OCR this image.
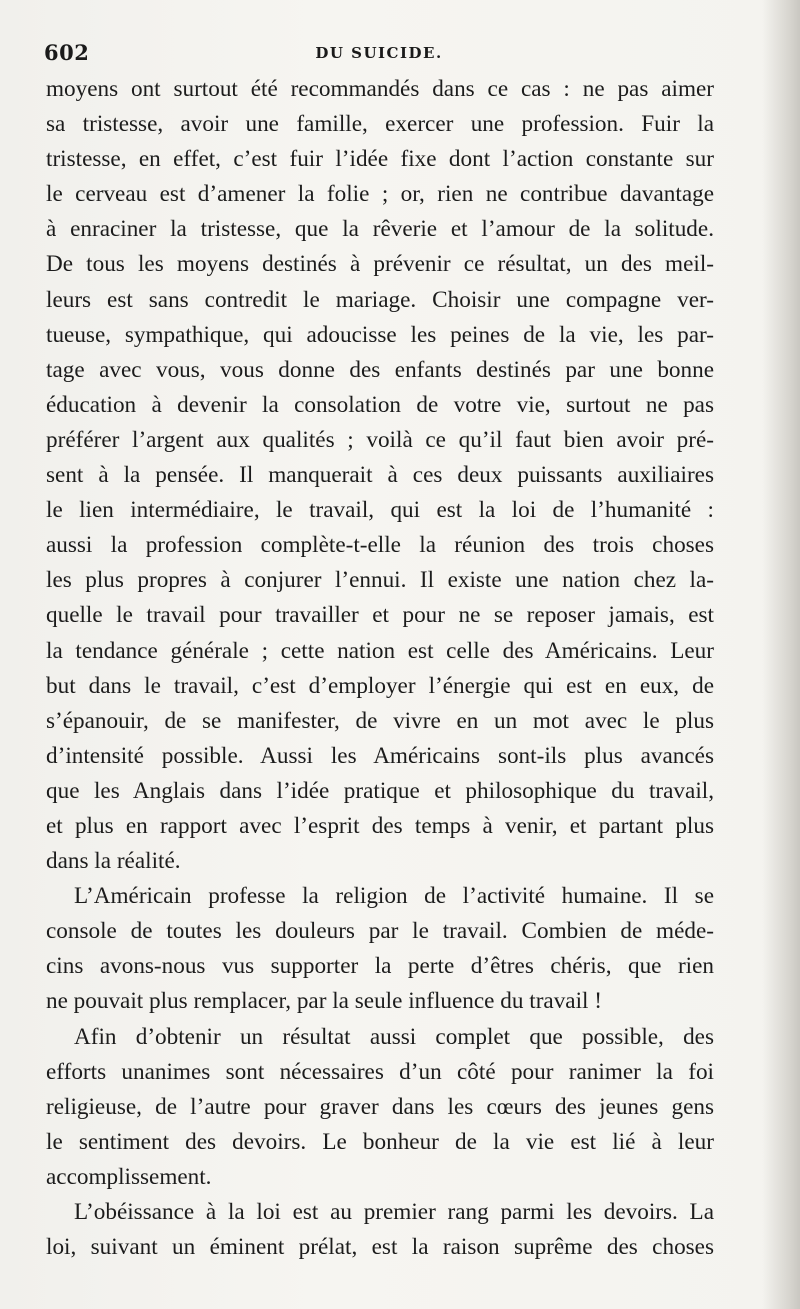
602	DU SUICIDE.
moyens ont surtout été recommandés dans ce cas : ne pas aimer
sa tristesse, avoir une famille, exercer une profession. Fuir la
tristesse, en effet, c’est fuir l’idée fixe dont l’action constante sur
le cerveau est d’amener la folie ; or, rien ne contribue davantage
à enraciner la tristesse, que la rêverie et l’amour de la solitude.
De tous les moyens destinés à prévenir ce résultat, un des meil-
leurs est sans contredit le mariage. Choisir une compagne ver-
tueuse, sympathique, qui adoucisse les peines de la vie, les par-
tage avec vous, vous donne des enfants destinés par une bonne
éducation à devenir la consolation de votre vie, surtout ne pas
préférer l’argent aux qualités ; voilà ce qu’il faut bien avoir pré-
sent à la pensée. Il manquerait à ces deux puissants auxiliaires
le lien intermédiaire, le travail, qui est la loi de l’humanité :
aussi la profession complète-t-elle la réunion des trois choses
les plus propres à conjurer l’ennui. Il existe une nation chez la-
quelle le travail pour travailler et pour ne se reposer jamais, est
la tendance générale ; cette nation est celle des Américains. Leur
but dans le travail, c’est d’employer l’énergie qui est en eux, de
s’épanouir, de se manifester, de vivre en un mot avec le plus
d’intensité possible. Aussi les Américains sont-ils plus avancés
que les Anglais dans l’idée pratique et philosophique du travail,
et plus en rapport avec l’esprit des temps à venir, et partant plus
dans la réalité.
L’Américain professe la religion de l’activité humaine. Il se
console de toutes les douleurs par le travail. Combien de méde-
cins avons-nous vus supporter la perte d’êtres chéris, que rien
ne pouvait plus remplacer, par la seule influence du travail !
Afin d’obtenir un résultat aussi complet que possible, des
efforts unanimes sont nécessaires d’un côté pour ranimer la foi
religieuse, de l’autre pour graver dans les cœurs des jeunes gens
le sentiment des devoirs. Le bonheur de la vie est lié à leur
accomplissement.
L’obéissance à la loi est au premier rang parmi les devoirs. La
loi, suivant un éminent prélat, est la raison suprême des choses
